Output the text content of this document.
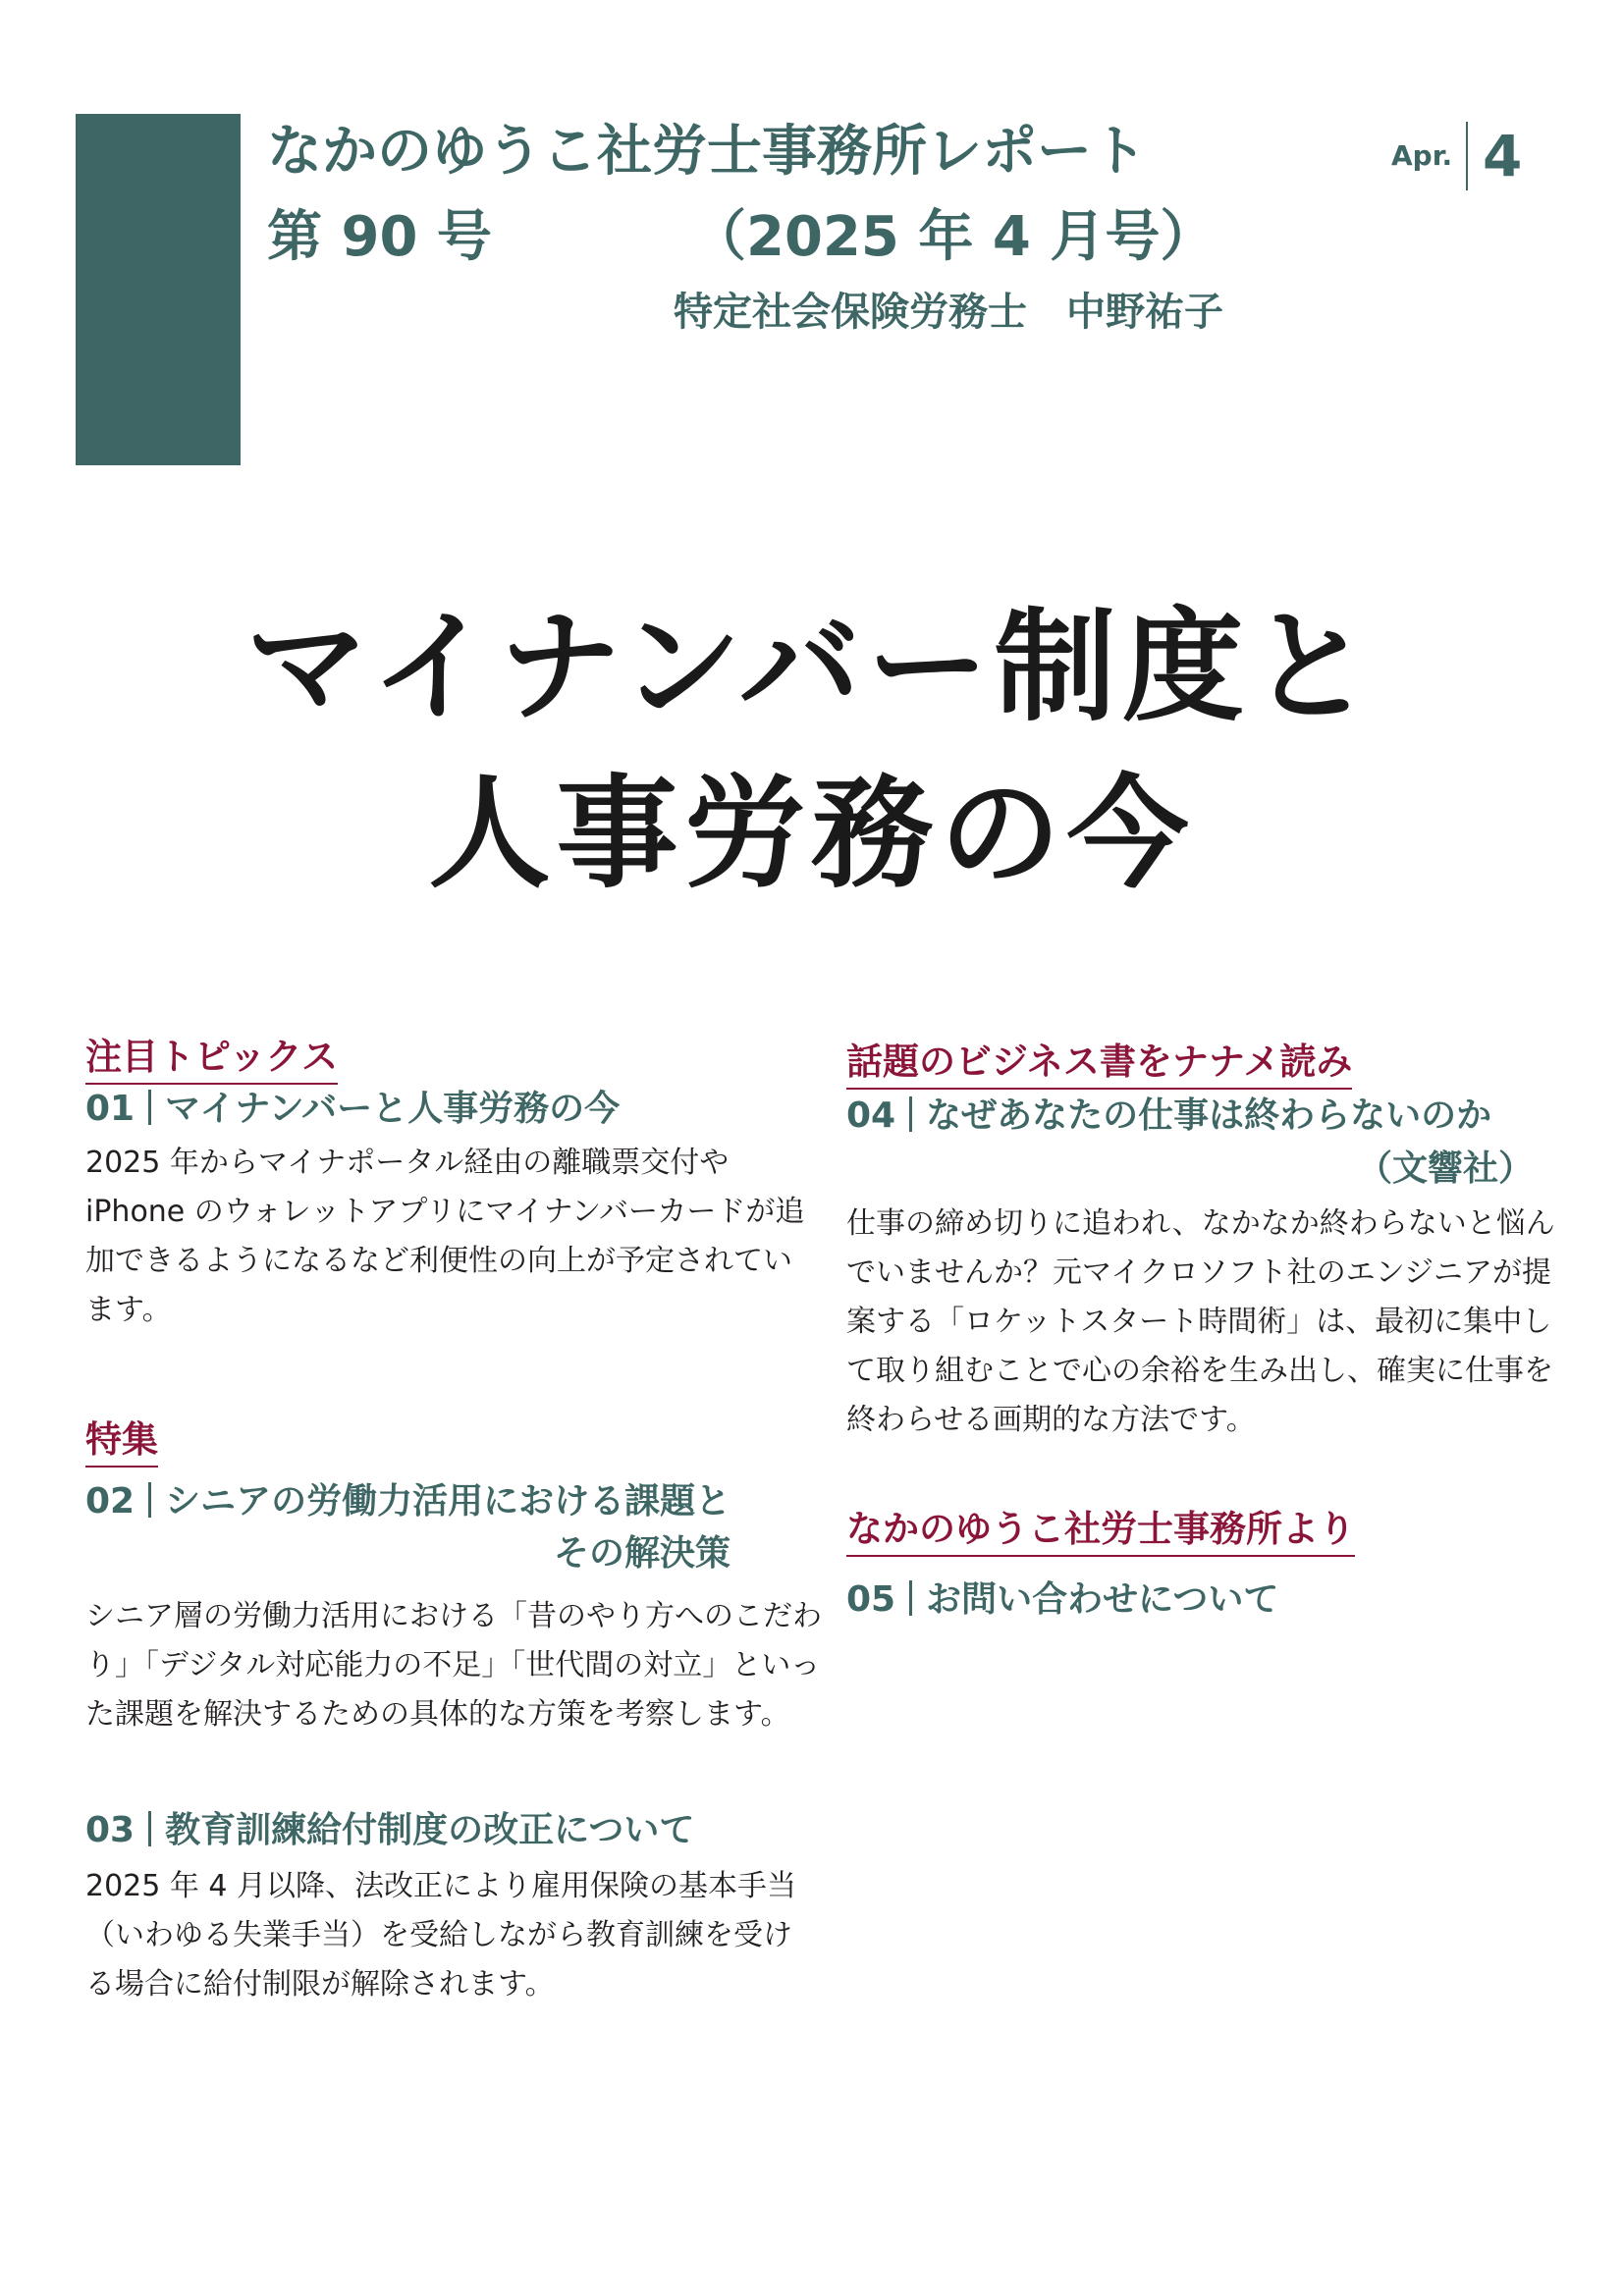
なかのゆうこ社労士事務所レポート
第 90 号	（2025 年 4 月号）
特定社会保険労務士　中野祐子
Apr. 4
マイナンバー制度と
人事労務の今
注目トピックス
01 マイナンバーと人事労務の今
2025 年からマイナポータル経由の離職票交付や
iPhone のウォレットアプリにマイナンバーカードが追
加できるようになるなど利便性の向上が予定されてい
ます。
特集
02 シニアの労働力活用における課題と
その解決策
シニア層の労働力活用における「昔のやり方へのこだわ
り」「デジタル対応能力の不足」「世代間の対立」といっ
た課題を解決するための具体的な方策を考察します。
03 教育訓練給付制度の改正について
2025 年 4 月以降、法改正により雇用保険の基本手当
（いわゆる失業手当）を受給しながら教育訓練を受け
る場合に給付制限が解除されます。
話題のビジネス書をナナメ読み
04 なぜあなたの仕事は終わらないのか
（文響社）
仕事の締め切りに追われ、なかなか終わらないと悩ん
でいませんか？元マイクロソフト社のエンジニアが提
案する「ロケットスタート時間術」は、最初に集中し
て取り組むことで心の余裕を生み出し、確実に仕事を
終わらせる画期的な方法です。
なかのゆうこ社労士事務所より
05 お問い合わせについて
